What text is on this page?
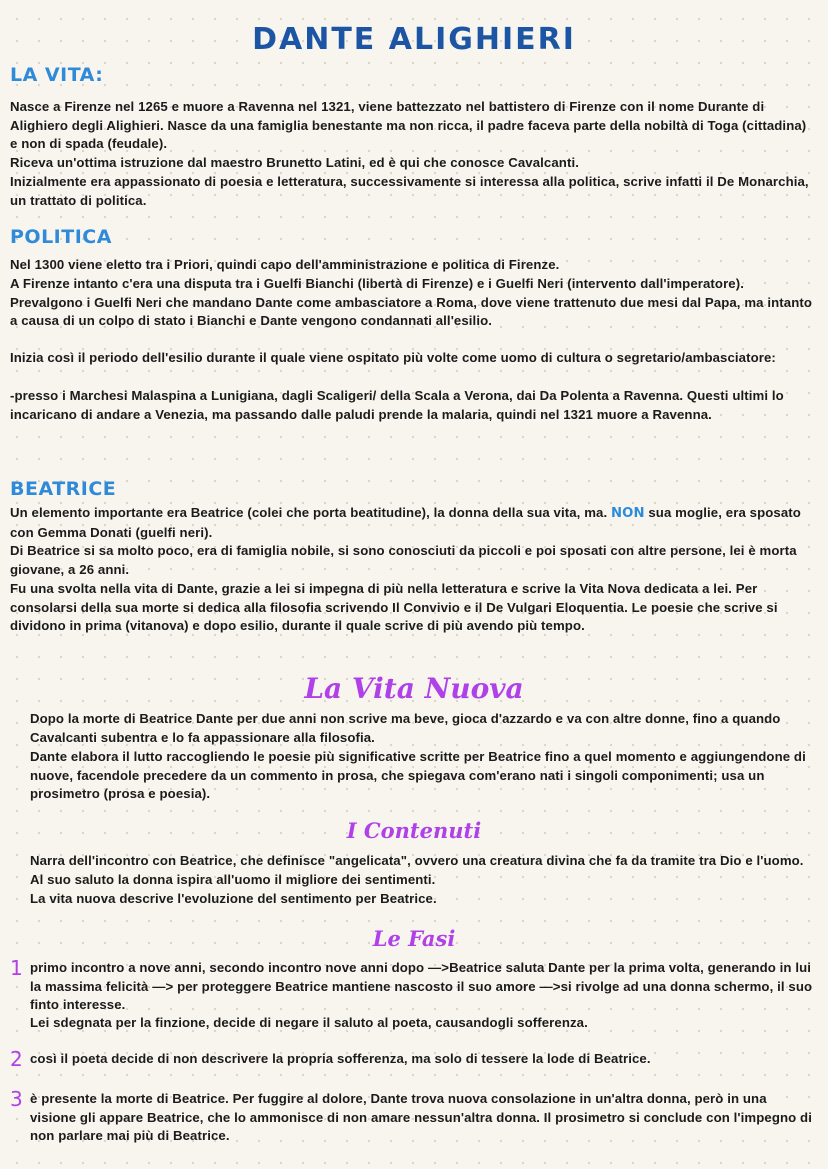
DANTE ALIGHIERI
LA VITA:

Nasce a Firenze nel 1265 e muore a Ravenna nel 1321, viene battezzato nel battistero di Firenze con il nome Durante di Alighiero degli Alighieri. Nasce da una famiglia benestante ma non ricca, il padre faceva parte della nobiltà di Toga (cittadina) e non di spada (feudale).

Riceva un'ottima istruzione dal maestro Brunetto Latini, ed è qui che conosce Cavalcanti.

Inizialmente era appassionato di poesia e letteratura, successivamente si interessa alla politica, scrive infatti il De Monarchia, un trattato di politica.

POLITICA

Nel 1300 viene eletto tra i Priori, quindi capo dell'amministrazione e politica di Firenze.

A Firenze intanto c'era una disputa tra i Guelfi Bianchi (libertà di Firenze) e i Guelfi Neri (intervento dall'imperatore). Prevalgono i Guelfi Neri che mandano Dante come ambasciatore a Roma, dove viene trattenuto due mesi dal Papa, ma intanto a causa di un colpo di stato i Bianchi e Dante vengono condannati all'esilio.

Inizia così il periodo dell'esilio durante il quale viene ospitato più volte come uomo di cultura o segretario/ambasciatore:

-presso i Marchesi Malaspina a Lunigiana, dagli Scaligeri/ della Scala a Verona, dai Da Polenta a Ravenna. Questi ultimi lo incaricano di andare a Venezia, ma passando dalle paludi prende la malaria, quindi nel 1321 muore a Ravenna.

BEATRICE

Un elemento importante era Beatrice (colei che porta beatitudine), la donna della sua vita, ma. NON sua moglie, era sposato con Gemma Donati (guelfi neri).

Di Beatrice si sa molto poco, era di famiglia nobile, si sono conosciuti da piccoli e poi sposati con altre persone, lei è morta giovane, a 26 anni.

Fu una svolta nella vita di Dante, grazie a lei si impegna di più nella letteratura e scrive la Vita Nova dedicata a lei. Per consolarsi della sua morte si dedica alla filosofia scrivendo Il Convivio e il De Vulgari Eloquentia. Le poesie che scrive si dividono in prima (vitanova) e dopo esilio, durante il quale scrive di più avendo più tempo.

La Vita Nuova

Dopo la morte di Beatrice Dante per due anni non scrive ma beve, gioca d'azzardo e va con altre donne, fino a quando Cavalcanti subentra e lo fa appassionare alla filosofia.

Dante elabora il lutto raccogliendo le poesie più significative scritte per Beatrice fino a quel momento e aggiungendone di nuove, facendole precedere da un commento in prosa, che spiegava com'erano nati i singoli componimenti; usa un prosimetro (prosa e poesia).

I Contenuti

Narra dell'incontro con Beatrice, che definisce "angelicata", ovvero una creatura divina che fa da tramite tra Dio e l'uomo. Al suo saluto la donna ispira all'uomo il migliore dei sentimenti.

La vita nuova descrive l'evoluzione del sentimento per Beatrice.

Le Fasi
1 primo incontro a nove anni, secondo incontro nove anni dopo —>Beatrice saluta Dante per la prima volta, generando in lui la massima felicità —> per proteggere Beatrice mantiene nascosto il suo amore —>si rivolge ad una donna schermo, il suo finto interesse.

Lei sdegnata per la finzione, decide di negare il saluto al poeta, causandogli sofferenza.

2 così il poeta decide di non descrivere la propria sofferenza, ma solo di tessere la lode di Beatrice.

3 è presente la morte di Beatrice. Per fuggire al dolore, Dante trova nuova consolazione in un'altra donna, però in una visione gli appare Beatrice, che lo ammonisce di non amare nessun'altra donna. Il prosimetro si conclude con l'impegno di non parlare mai più di Beatrice.
